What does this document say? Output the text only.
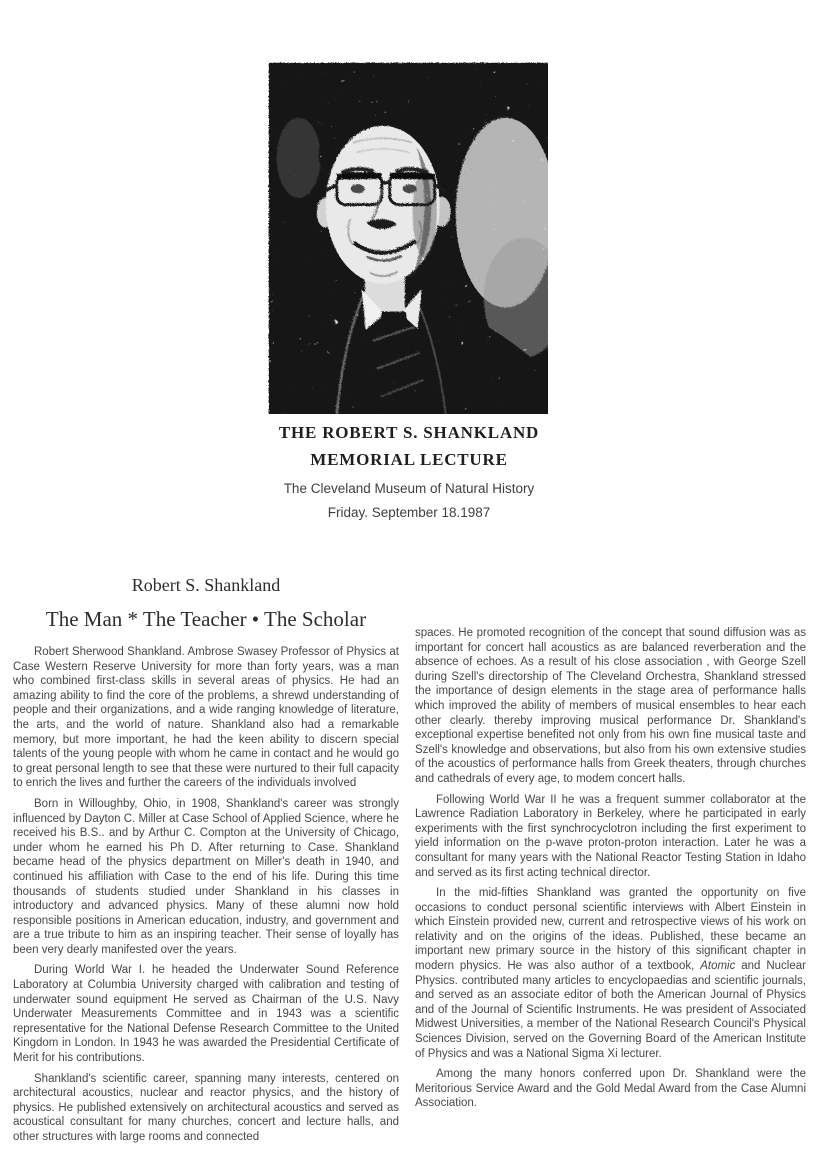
THE ROBERT S. SHANKLAND
MEMORIAL LECTURE
The Cleveland Museum of Natural History
Friday. September 18.1987
Robert S. Shankland
The Man * The Teacher • The Scholar

Robert Sherwood Shankland. Ambrose Swasey Professor of Physics at Case Western Reserve University for more than forty years, was a man who combined first-class skills in several areas of physics. He had an amazing ability to find the core of the problems, a shrewd understanding of people and their organizations, and a wide ranging knowledge of literature, the arts, and the world of nature. Shankland also had a remarkable memory, but more important, he had the keen ability to discern special talents of the young people with whom he came in contact and he would go to great personal length to see that these were nurtured to their full capacity to enrich the lives and further the careers of the individuals involved

Born in Willoughby, Ohio, in 1908, Shankland's career was strongly influenced by Dayton C. Miller at Case School of Applied Science, where he received his B.S.. and by Arthur C. Compton at the University of Chicago, under whom he earned his Ph D. After returning to Case. Shankland became head of the physics department on Miller's death in 1940, and continued his affiliation with Case to the end of his life. During this time thousands of students studied under Shankland in his classes in introductory and advanced physics. Many of these alumni now hold responsible positions in American education, industry, and government and are a true tribute to him as an inspiring teacher. Their sense of loyally has been very dearly manifested over the years.

During World War I. he headed the Underwater Sound Reference Laboratory at Columbia University charged with calibration and testing of underwater sound equipment He served as Chairman of the U.S. Navy Underwater Measurements Committee and in 1943 was a scientific representative for the National Defense Research Committee to the United Kingdom in London. In 1943 he was awarded the Presidential Certificate of Merit for his contributions.

Shankland's scientific career, spanning many interests, centered on architectural acoustics, nuclear and reactor physics, and the history of physics. He published extensively on architectural acoustics and served as acoustical consultant for many churches, concert and lecture halls, and other structures with large rooms and connected

spaces. He promoted recognition of the concept that sound diffusion was as important for concert hall acoustics as are balanced reverberation and the absence of echoes. As a result of his close association , with George Szell during Szell's directorship of The Cleveland Orchestra, Shankland stressed the importance of design elements in the stage area of performance halls which improved the ability of members of musical ensembles to hear each other clearly. thereby improving musical performance Dr. Shankland's exceptional expertise benefited not only from his own fine musical taste and Szell's knowledge and observations, but also from his own extensive studies of the acoustics of performance halls from Greek theaters, through churches and cathedrals of every age, to modem concert halls.

Following World War II he was a frequent summer collaborator at the Lawrence Radiation Laboratory in Berkeley, where he participated in early experiments with the first synchrocyclotron including the first experiment to yield information on the p-wave proton-proton interaction. Later he was a consultant for many years with the National Reactor Testing Station in Idaho and served as its first acting technical director.

In the mid-fifties Shankland was granted the opportunity on five occasions to conduct personal scientific interviews with Albert Einstein in which Einstein provided new, current and retrospective views of his work on relativity and on the origins of the ideas. Published, these became an important new primary source in the history of this significant chapter in modern physics. He was also author of a textbook, Atomic and Nuclear Physics. contributed many articles to encyclopaedias and scientific journals, and served as an associate editor of both the American Journal of Physics and of the Journal of Scientific Instruments. He was president of Associated Midwest Universities, a member of the National Research Council's Physical Sciences Division, served on the Governing Board of the American Institute of Physics and was a National Sigma Xi lecturer.

Among the many honors conferred upon Dr. Shankland were the Meritorious Service Award and the Gold Medal Award from the Case Alumni Association.
